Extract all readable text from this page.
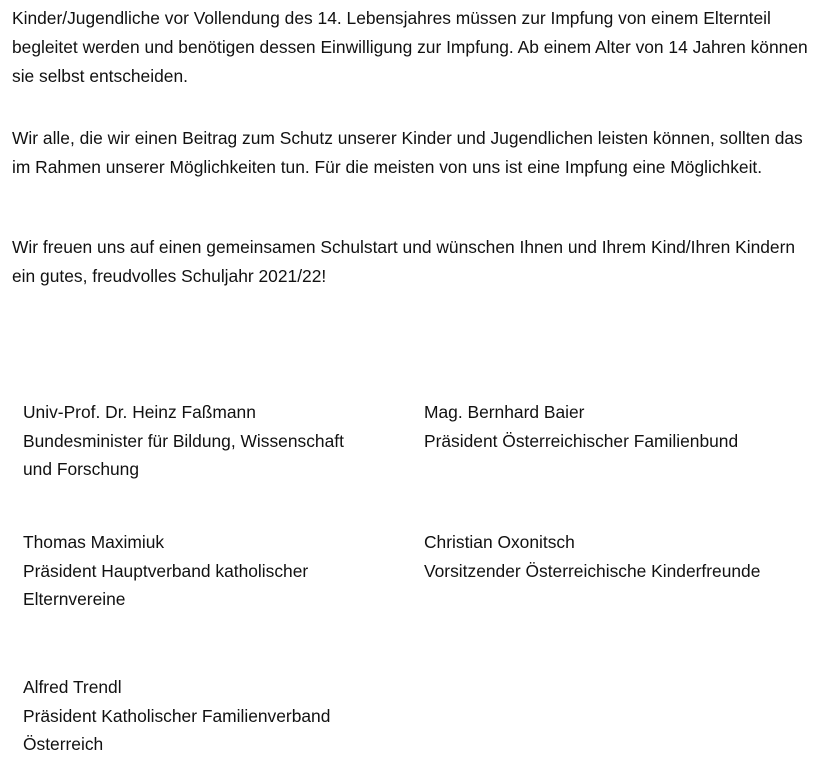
Kinder/Jugendliche vor Vollendung des 14. Lebensjahres müssen zur Impfung von einem Elternteil begleitet werden und benötigen dessen Einwilligung zur Impfung. Ab einem Alter von 14 Jahren können sie selbst entscheiden.

Wir alle, die wir einen Beitrag zum Schutz unserer Kinder und Jugendlichen leisten können, sollten das im Rahmen unserer Möglichkeiten tun. Für die meisten von uns ist eine Impfung eine Möglichkeit.

Wir freuen uns auf einen gemeinsamen Schulstart und wünschen Ihnen und Ihrem Kind/Ihren Kindern ein gutes, freudvolles Schuljahr 2021/22!

Univ-Prof. Dr. Heinz Faßmann
Bundesminister für Bildung, Wissenschaft
und Forschung
Mag. Bernhard Baier
Präsident Österreichischer Familienbund
Thomas Maximiuk
Präsident Hauptverband katholischer
Elternvereine
Christian Oxonitsch
Vorsitzender Österreichische Kinderfreunde
Alfred Trendl
Präsident Katholischer Familienverband
Österreich
